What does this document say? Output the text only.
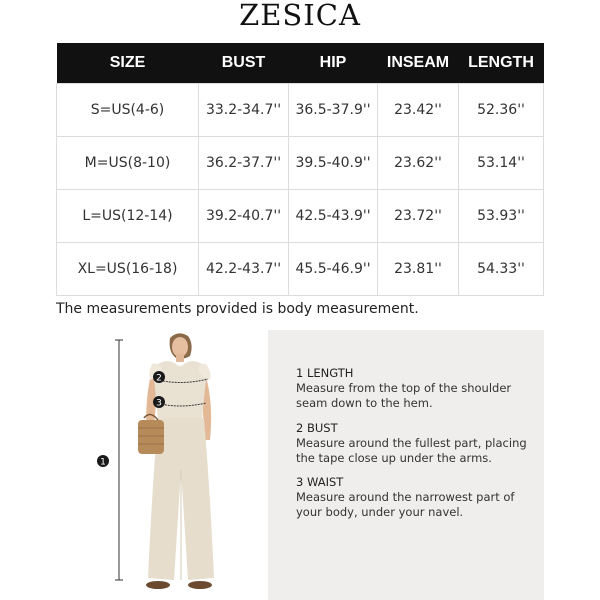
ZESICA
SIZE	BUST	HIP	INSEAM	LENGTH
S=US(4-6)	33.2-34.7''	36.5-37.9''	23.42''	52.36''
M=US(8-10)	36.2-37.7''	39.5-40.9''	23.62''	53.14''
L=US(12-14)	39.2-40.7''	42.5-43.9''	23.72''	53.93''
XL=US(16-18)	42.2-43.7''	45.5-46.9''	23.81''	54.33''
The measurements provided is body measurement.
1
2
3
1 LENGTH
Measure from the top of the shoulder seam down to the hem.
2 BUST
Measure around the fullest part, placing the tape close up under the arms.
3 WAIST
Measure around the narrowest part of your body, under your navel.
